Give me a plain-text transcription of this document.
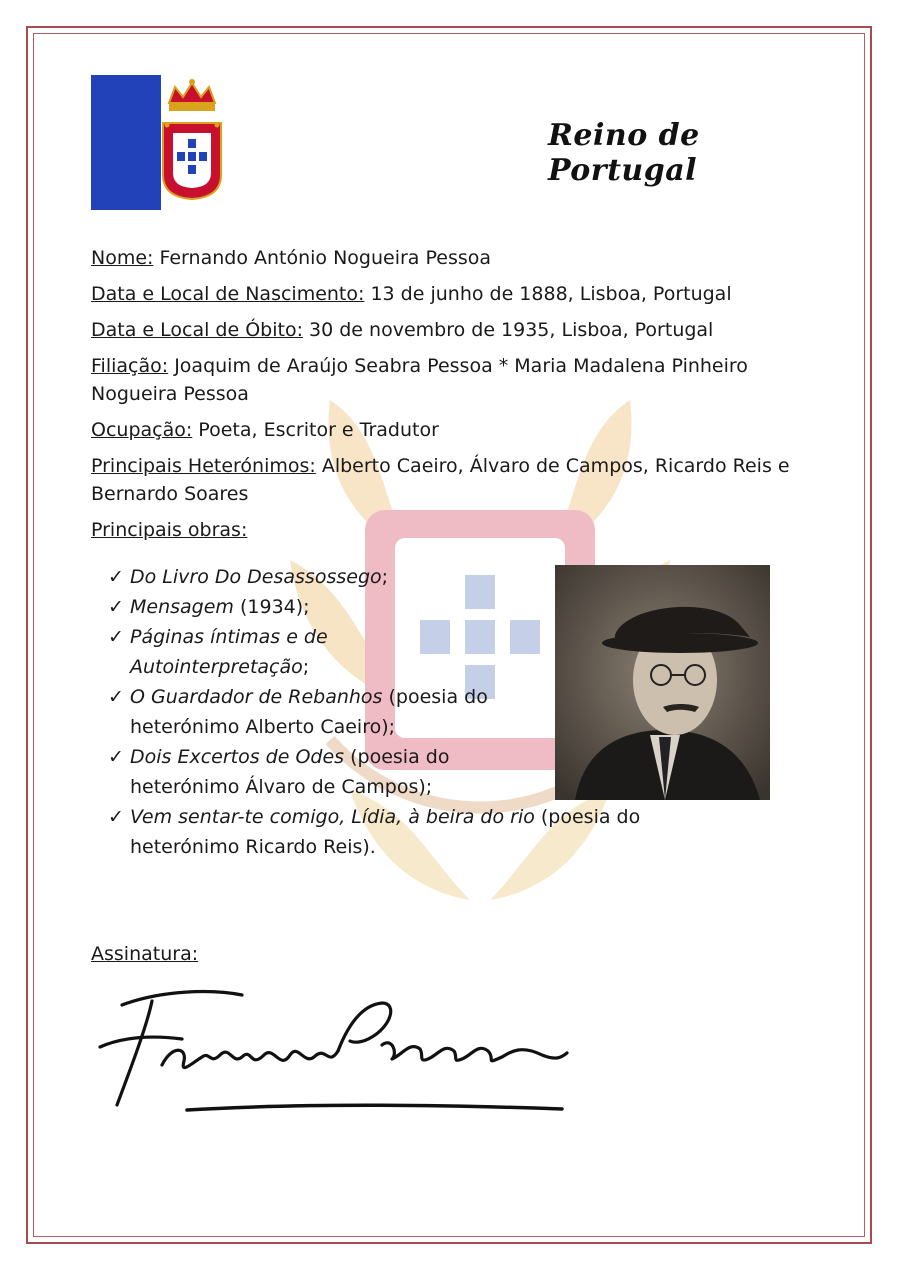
Reino de Portugal

Nome: Fernando António Nogueira Pessoa

Data e Local de Nascimento: 13 de junho de 1888, Lisboa, Portugal

Data e Local de Óbito: 30 de novembro de 1935, Lisboa, Portugal

Filiação: Joaquim de Araújo Seabra Pessoa * Maria Madalena Pinheiro Nogueira Pessoa

Ocupação: Poeta, Escritor e Tradutor

Principais Heterónimos: Alberto Caeiro, Álvaro de Campos, Ricardo Reis e Bernardo Soares

Principais obras:
✓ Do Livro Do Desassossego;
✓ Mensagem (1934);
✓ Páginas íntimas e de Autointerpretação;
✓ O Guardador de Rebanhos (poesia do heterónimo Alberto Caeiro);
✓ Dois Excertos de Odes (poesia do heterónimo Álvaro de Campos);
✓ Vem sentar-te comigo, Lídia, à beira do rio (poesia do heterónimo Ricardo Reis).
Assinatura:
